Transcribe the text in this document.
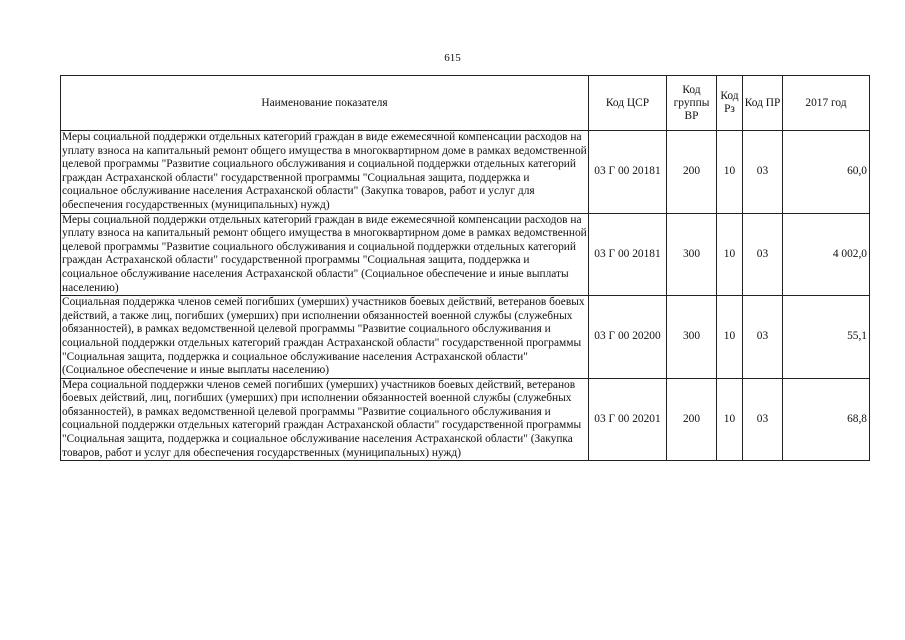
615
Наименование показателя	Код ЦСР	Код группы ВР	Код Рз	Код ПР	2017 год
Меры социальной поддержки отдельных категорий граждан в виде ежемесячной компенсации расходов на уплату взноса на капитальный ремонт общего имущества в многоквартирном доме в рамках ведомственной целевой программы "Развитие социального обслуживания и социальной поддержки отдельных категорий граждан Астраханской области" государственной программы "Социальная защита, поддержка и социальное обслуживание населения Астраханской области" (Закупка товаров, работ и услуг для обеспечения государственных (муниципальных) нужд)	03 Г 00 20181	200	10	03	60,0
Меры социальной поддержки отдельных категорий граждан в виде ежемесячной компенсации расходов на уплату взноса на капитальный ремонт общего имущества в многоквартирном доме в рамках ведомственной целевой программы "Развитие социального обслуживания и социальной поддержки отдельных категорий граждан Астраханской области" государственной программы "Социальная защита, поддержка и социальное обслуживание населения Астраханской области" (Социальное обеспечение и иные выплаты населению)	03 Г 00 20181	300	10	03	4 002,0
Социальная поддержка членов семей погибших (умерших) участников боевых действий, ветеранов боевых действий, а также лиц, погибших (умерших) при исполнении обязанностей военной службы (служебных обязанностей), в рамках ведомственной целевой программы "Развитие социального обслуживания и социальной поддержки отдельных категорий граждан Астраханской области" государственной программы "Социальная защита, поддержка и социальное обслуживание населения Астраханской области" (Социальное обеспечение и иные выплаты населению)	03 Г 00 20200	300	10	03	55,1
Мера социальной поддержки членов семей погибших (умерших) участников боевых действий, ветеранов боевых действий, лиц, погибших (умерших) при исполнении обязанностей военной службы (служебных обязанностей), в рамках ведомственной целевой программы "Развитие социального обслуживания и социальной поддержки отдельных категорий граждан Астраханской области" государственной программы "Социальная защита, поддержка и социальное обслуживание населения Астраханской области" (Закупка товаров, работ и услуг для обеспечения государственных (муниципальных) нужд)	03 Г 00 20201	200	10	03	68,8
